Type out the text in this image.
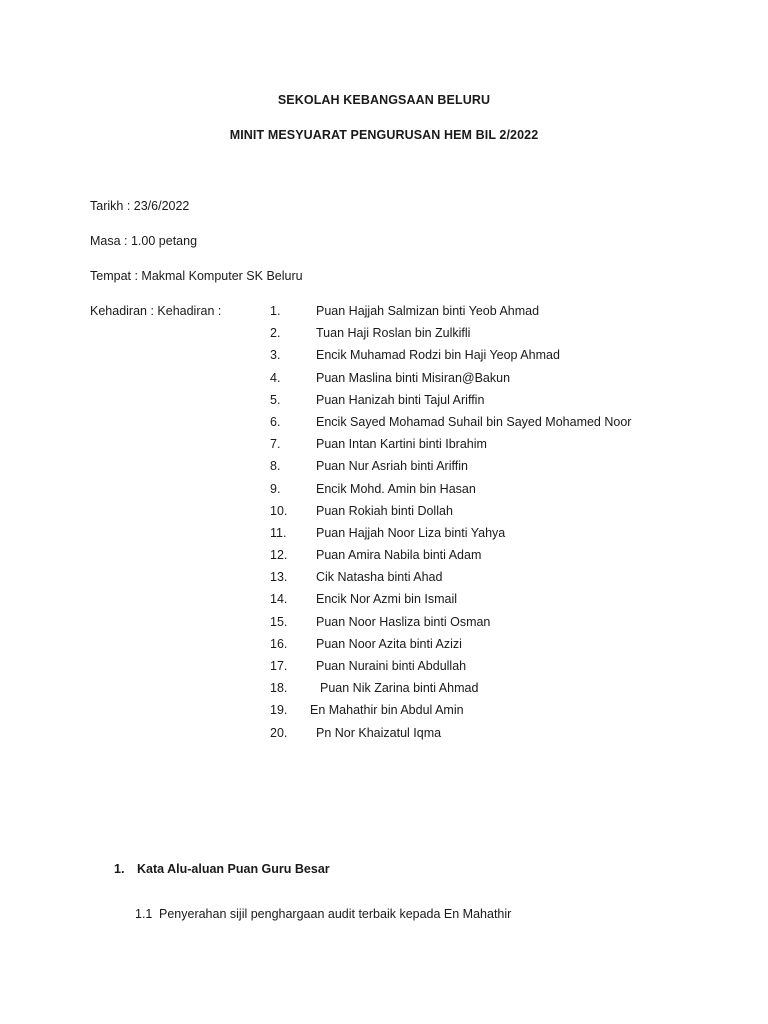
SEKOLAH KEBANGSAAN BELURU
MINIT MESYUARAT PENGURUSAN HEM BIL 2/2022
Tarikh : 23/6/2022
Masa : 1.00 petang
Tempat : Makmal Komputer SK Beluru
Kehadiran : Kehadiran :	1.	Puan Hajjah Salmizan binti Yeob Ahmad
2.	Tuan Haji Roslan bin Zulkifli
3.	Encik Muhamad Rodzi bin Haji Yeop Ahmad
4.	Puan Maslina binti Misiran@Bakun
5.	Puan Hanizah binti Tajul Ariffin
6.	Encik Sayed Mohamad Suhail bin Sayed Mohamed Noor
7.	Puan Intan Kartini binti Ibrahim
8.	Puan Nur Asriah binti Ariffin
9.	Encik Mohd. Amin bin Hasan
10. Puan Rokiah binti Dollah
11. Puan Hajjah Noor Liza binti Yahya
12. Puan Amira Nabila binti Adam
13. Cik Natasha binti Ahad
14. Encik Nor Azmi bin Ismail
15. Puan Noor Hasliza binti Osman
16. Puan Noor Azita binti Azizi
17. Puan Nuraini binti Abdullah
18.	Puan Nik Zarina binti Ahmad
19. En Mahathir bin Abdul Amin
20. Pn Nor Khaizatul Iqma
1. Kata Alu-aluan Puan Guru Besar
1.1 Penyerahan sijil penghargaan audit terbaik kepada En Mahathir
